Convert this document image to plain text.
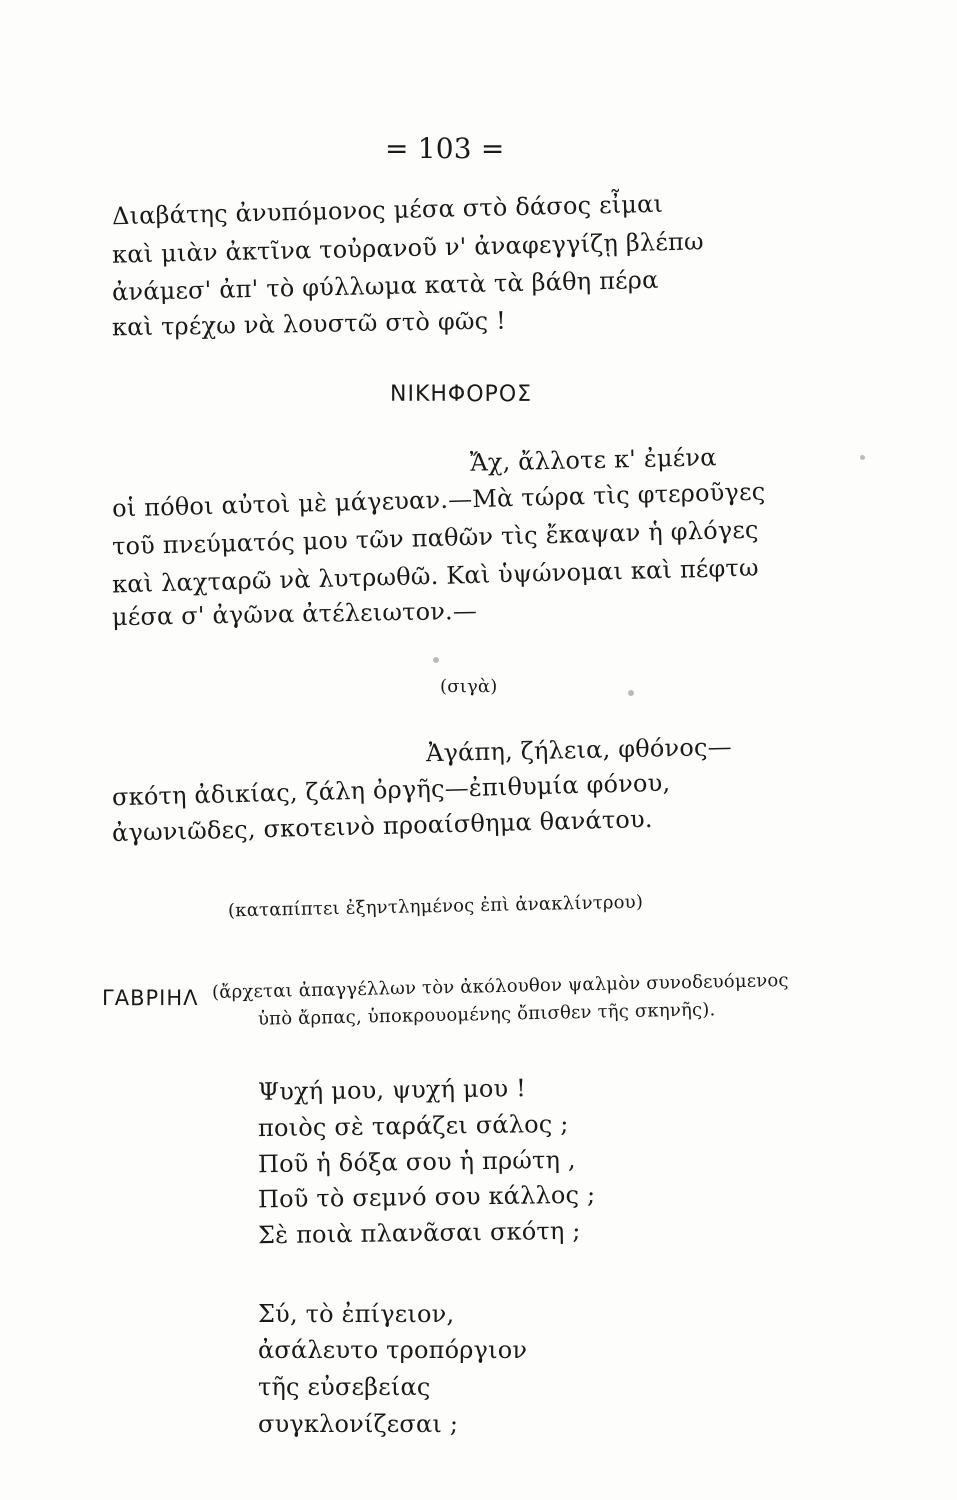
= 103 =
Διαβάτης ἀνυπόμονος μέσα στὸ δάσος εἶμαι
καὶ μιὰν ἀκτῖνα τοὐρανοῦ ν' ἀναφεγγίζῃ βλέπω
ἀνάμεσ' ἀπ' τὸ φύλλωμα κατὰ τὰ βάθη πέρα
καὶ τρέχω νὰ λουστῶ στὸ φῶς !
ΝΙΚΗΦΟΡΟΣ
Ἄχ, ἄλλοτε κ' ἐμένα
οἱ πόθοι αὐτοὶ μὲ μάγευαν.—Μὰ τώρα τὶς φτεροῦγες
τοῦ πνεύματός μου τῶν παθῶν τὶς ἔκαψαν ἡ φλόγες
καὶ λαχταρῶ νὰ λυτρωθῶ. Καὶ ὑψώνομαι καὶ πέφτω
μέσα σ' ἀγῶνα ἀτέλειωτον.—
(σιγὰ)
Ἀγάπη, ζήλεια, φθόνος—
σκότη ἀδικίας, ζάλη ὀργῆς—ἐπιθυμία φόνου,
ἀγωνιῶδες, σκοτεινὸ προαίσθημα θανάτου.
(καταπίπτει ἐξηντλημένος ἐπὶ ἀνακλίντρου)
ΓΑΒΡΙΗΛ (ἄρχεται ἀπαγγέλλων τὸν ἀκόλουθον ψαλμὸν συνοδευόμενος
ὑπὸ ἄρπας, ὑποκρουομένης ὄπισθεν τῆς σκηνῆς).
Ψυχή μου, ψυχή μου !
ποιὸς σὲ ταράζει σάλος ;
Ποῦ ἡ δόξα σου ἡ πρώτη ,
Ποῦ τὸ σεμνό σου κάλλος ;
Σὲ ποιὰ πλανᾶσαι σκότη ;
Σύ, τὸ ἐπίγειον,
ἀσάλευτο τροπόργιον
τῆς εὐσεβείας
συγκλονίζεσαι ;
